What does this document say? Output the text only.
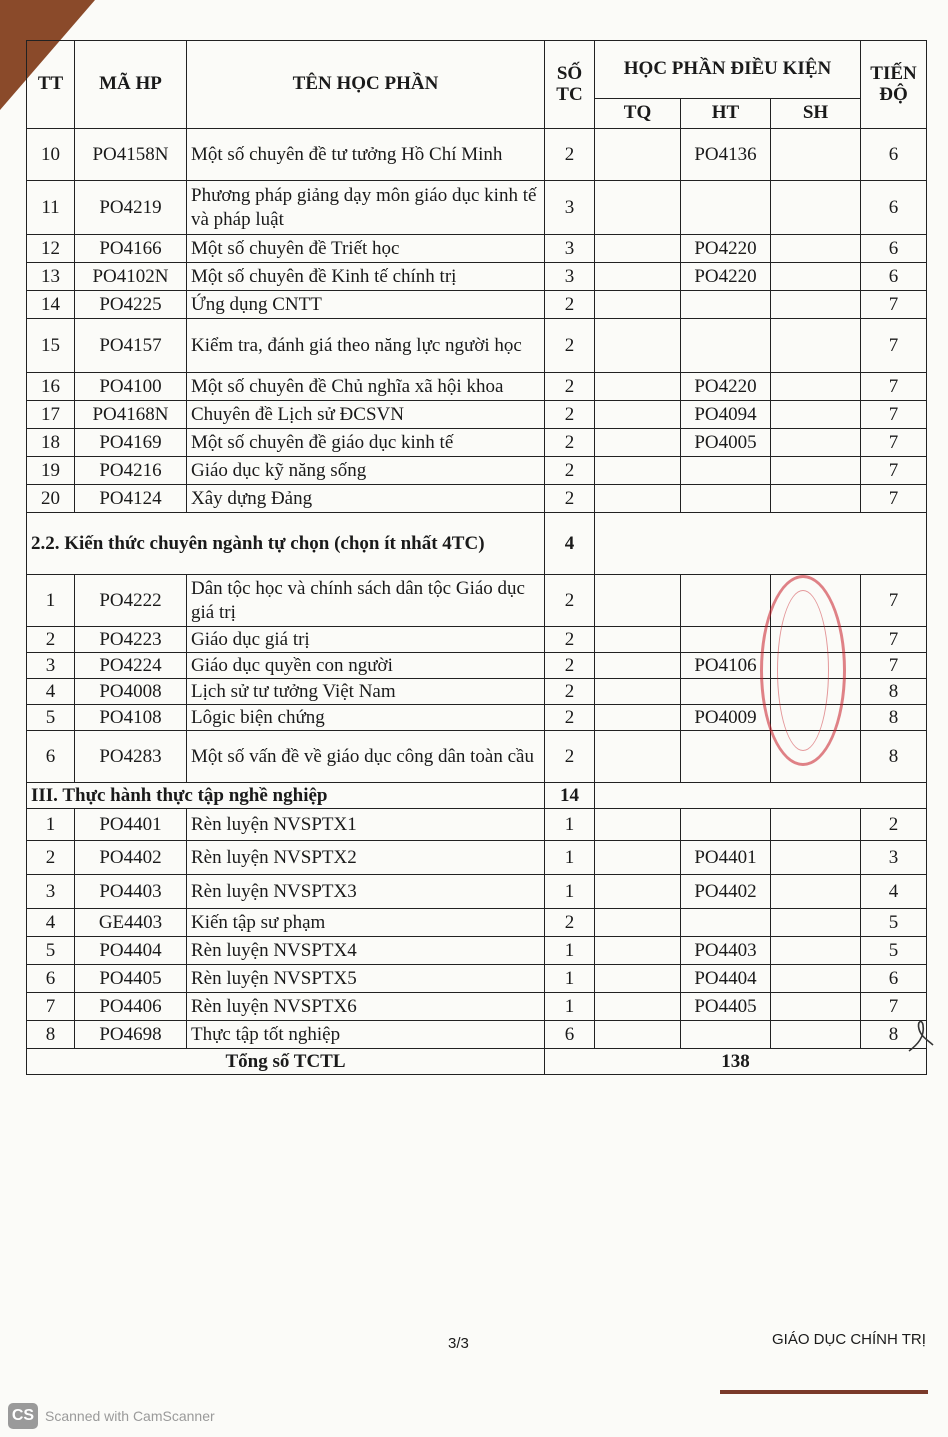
TT	MÃ HP	TÊN HỌC PHẦN	SỐ TC	HỌC PHẦN ĐIỀU KIỆN			TIẾN ĐỘ
				TQ	HT	SH	
10	PO4158N	Một số chuyên đề tư tưởng Hồ Chí Minh	2		PO4136		6
11	PO4219	Phương pháp giảng dạy môn giáo dục kinh tế và pháp luật	3				6
12	PO4166	Một số chuyên đề Triết học	3		PO4220		6
13	PO4102N	Một số chuyên đề Kinh tế chính trị	3		PO4220		6
14	PO4225	Ứng dụng CNTT	2				7
15	PO4157	Kiểm tra, đánh giá theo năng lực người học	2				7
16	PO4100	Một số chuyên đề Chủ nghĩa xã hội khoa	2		PO4220		7
17	PO4168N	Chuyên đề Lịch sử ĐCSVN	2		PO4094		7
18	PO4169	Một số chuyên đề giáo dục kinh tế	2		PO4005		7
19	PO4216	Giáo dục kỹ năng sống	2				7
20	PO4124	Xây dựng Đảng	2				7
2.2. Kiến thức chuyên ngành tự chọn (chọn ít nhất 4TC)			4				
1	PO4222	Dân tộc học và chính sách dân tộc Giáo dục giá trị	2				7
2	PO4223	Giáo dục giá trị	2				7
3	PO4224	Giáo dục quyền con người	2		PO4106		7
4	PO4008	Lịch sử tư tưởng Việt Nam	2				8
5	PO4108	Lôgic biện chứng	2		PO4009		8
6	PO4283	Một số vấn đề về giáo dục công dân toàn cầu	2				8
III. Thực hành thực tập nghề nghiệp			14				
1	PO4401	Rèn luyện NVSPTX1	1				2
2	PO4402	Rèn luyện NVSPTX2	1		PO4401		3
3	PO4403	Rèn luyện NVSPTX3	1		PO4402		4
4	GE4403	Kiến tập sư phạm	2				5
5	PO4404	Rèn luyện NVSPTX4	1		PO4403		5
6	PO4405	Rèn luyện NVSPTX5	1		PO4404		6
7	PO4406	Rèn luyện NVSPTX6	1		PO4405		7
8	PO4698	Thực tập tốt nghiệp	6				8
Tổng số TCTL			138				
3/3	GIÁO DỤC CHÍNH TRỊ
CS Scanned with CamScanner
